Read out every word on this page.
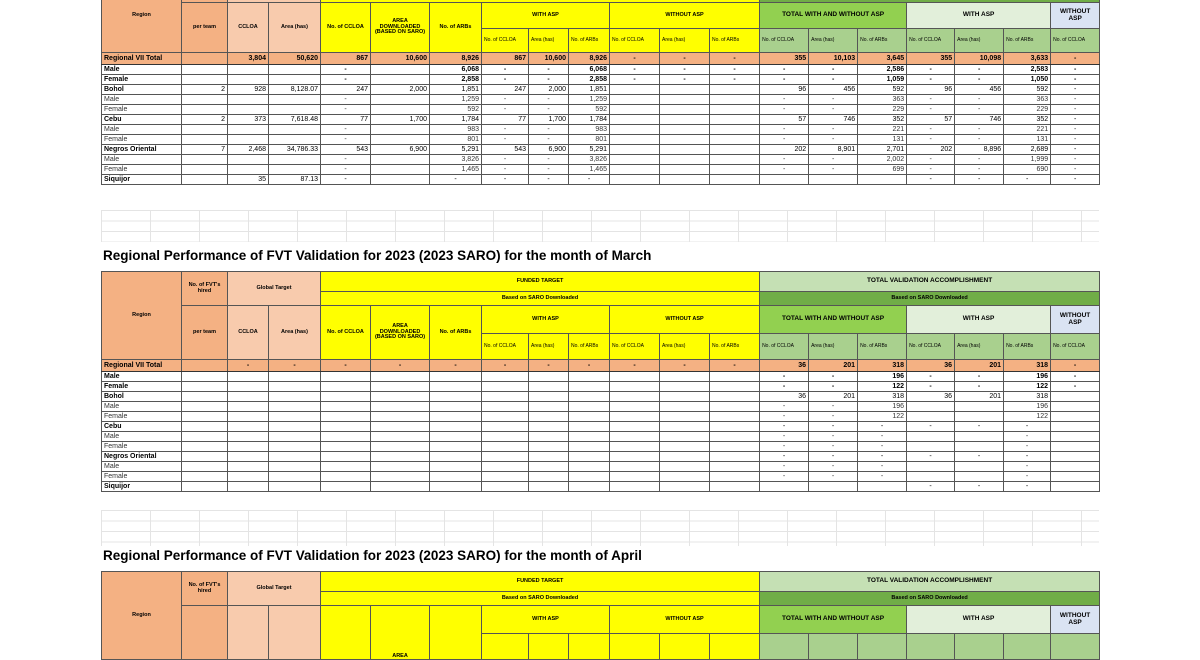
Region				
	per team	CCLOA	Area (has)	No. of CCLOA	AREA DOWNLOADED (BASED ON SARO)	No. of ARBs	WITH ASP			WITHOUT ASP			TOTAL WITH AND WITHOUT ASP			WITH ASP			WITHOUT ASP
							No. of CCLOA	Area (has)	No. of ARBs	No. of CCLOA	Area (has)	No. of ARBs	No. of CCLOA	Area (has)	No. of ARBs	No. of CCLOA	Area (has)	No. of ARBs	No. of CCLOA
Regional VII Total		3,804	50,620	867	10,600	8,926	867	10,600	8,926	-	-	-	355	10,103	3,645	355	10,098	3,633	-
Male				-		6,068	-	-	6,068	-	-	-	-	-	2,586	-	-	2,583	-
Female				-		2,858	-	-	2,858	-	-	-	-	-	1,059	-	-	1,050	-
Bohol	2	928	8,128.07	247	2,000	1,851	247	2,000	1,851				96	456	592	96	456	592	-
Male				-		1,259	-	-	1,259				-	-	363	-	-	363	-
Female				-		592	-	-	592				-	-	229	-	-	229	-
Cebu	2	373	7,618.48	77	1,700	1,784	77	1,700	1,784				57	746	352	57	746	352	-
Male				-		983	-	-	983				-	-	221	-	-	221	-
Female				-		801	-	-	801				-	-	131	-	-	131	-
Negros Oriental	7	2,468	34,786.33	543	6,900	5,291	543	6,900	5,291				202	8,901	2,701	202	8,896	2,689	-
Male				-		3,826	-	-	3,826				-	-	2,002	-	-	1,999	-
Female				-		1,465	-	-	1,465				-	-	699	-	-	690	-
Siquijor		35	87.13	-		-	-	-	-							-	-	-	-
Regional Performance of FVT Validation for 2023 (2023 SARO) for the month of March
Region	No. of FVT's hired	Global Target		FUNDED TARGET									TOTAL VALIDATION ACCOMPLISHMENT						
				Based on SARO Downloaded									Based on SARO Downloaded						
	per team	CCLOA	Area (has)	No. of CCLOA	AREA DOWNLOADED (BASED ON SARO)	No. of ARBs	WITH ASP			WITHOUT ASP			TOTAL WITH AND WITHOUT ASP			WITH ASP			WITHOUT ASP
							No. of CCLOA	Area (has)	No. of ARBs	No. of CCLOA	Area (has)	No. of ARBs	No. of CCLOA	Area (has)	No. of ARBs	No. of CCLOA	Area (has)	No. of ARBs	No. of CCLOA
Regional VII Total		-	-	-	-	-	-	-	-	-	-	-	36	201	318	36	201	318	-
Male													-	-	196	-	-	196	-
Female													-	-	122	-	-	122	-
Bohol													36	201	318	36	201	318	
Male													-	-	196			196	
Female													-	-	122			122	
Cebu													-	-	-	-	-	-	
Male													-	-	-			-	
Female													-	-	-			-	
Negros Oriental													-	-	-	-	-	-	
Male													-	-	-			-	
Female													-	-	-			-	
Siquijor																-	-	-	
Regional Performance of FVT Validation for 2023 (2023 SARO) for the month of April
Region	No. of FVT's hired	Global Target		FUNDED TARGET									TOTAL VALIDATION ACCOMPLISHMENT						
				Based on SARO Downloaded									Based on SARO Downloaded						
					AREA		WITH ASP			WITHOUT ASP			TOTAL WITH AND WITHOUT ASP			WITH ASP			WITHOUT ASP
